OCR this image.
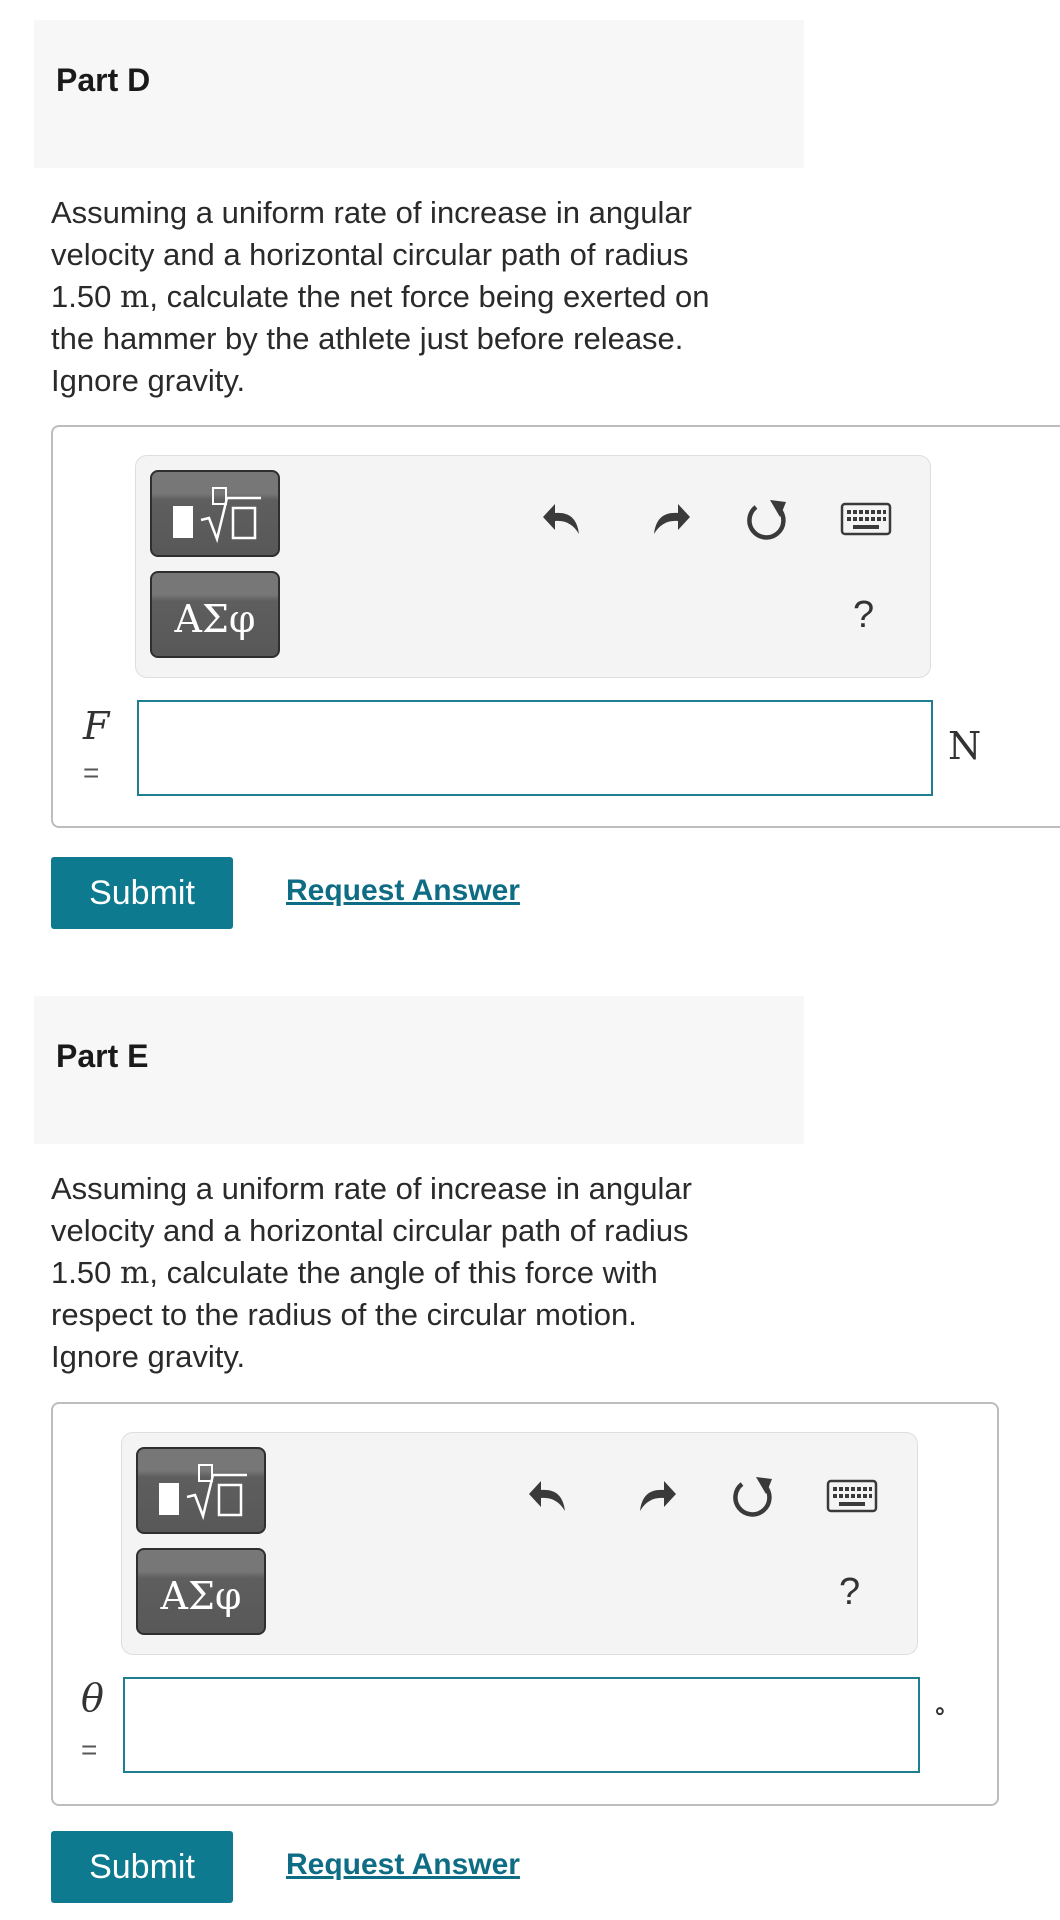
Part D
Assuming a uniform rate of increase in angular
velocity and a horizontal circular path of radius
1.50 m, calculate the net force being exerted on
the hammer by the athlete just before release.
Ignore gravity.
ΑΣφ	?
F
=
N
Submit	Request Answer
Part E
Assuming a uniform rate of increase in angular
velocity and a horizontal circular path of radius
1.50 m, calculate the angle of this force with
respect to the radius of the circular motion.
Ignore gravity.
ΑΣφ	?
θ
=
∘
Submit	Request Answer
